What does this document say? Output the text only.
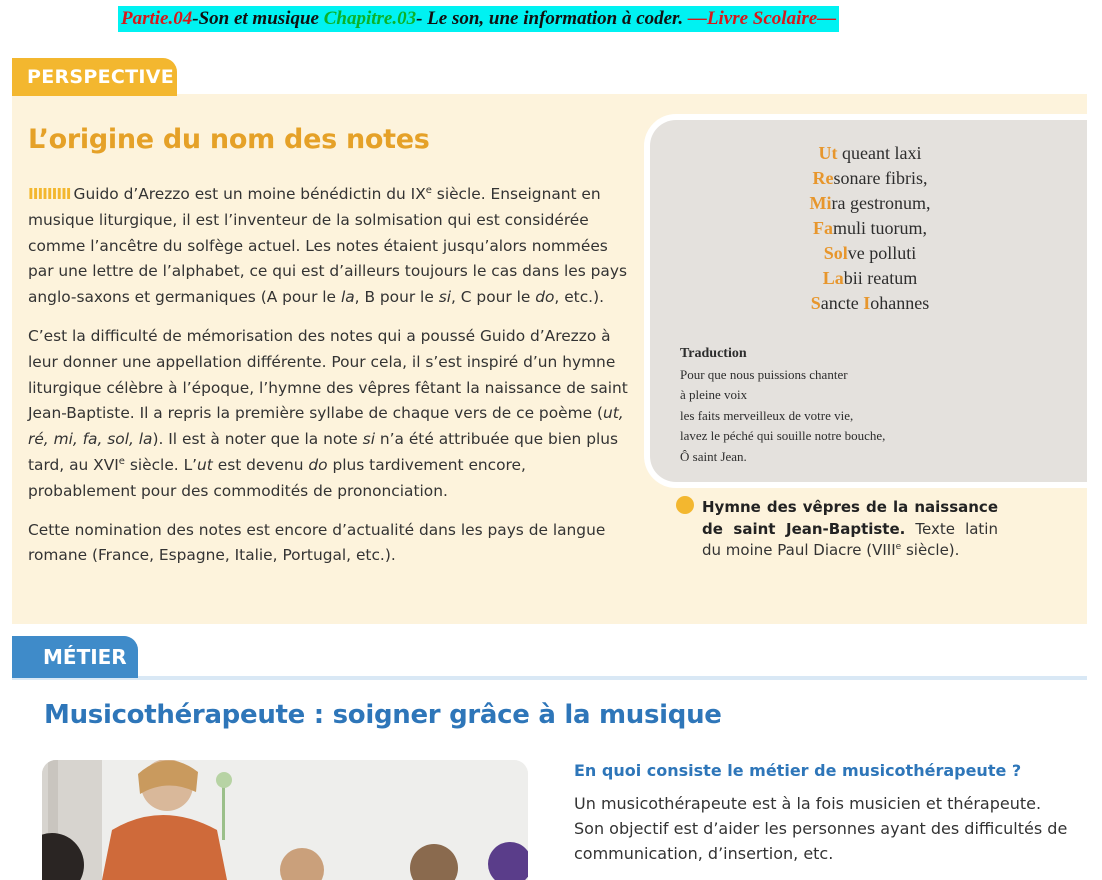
Partie.04-Son et musique Chapitre.03- Le son, une information à coder. —Livre Scolaire—
PERSPECTIVE
L’origine du nom des notes

IIIIIIIII Guido d’Arezzo est un moine bénédictin du IXe siècle. Enseignant en musique liturgique, il est l’inventeur de la solmisation qui est considérée comme l’ancêtre du solfège actuel. Les notes étaient jusqu’alors nommées par une lettre de l’alphabet, ce qui est d’ailleurs toujours le cas dans les pays anglo-saxons et germaniques (A pour le la, B pour le si, C pour le do, etc.).

C’est la difficulté de mémorisation des notes qui a poussé Guido d’Arezzo à leur donner une appellation différente. Pour cela, il s’est inspiré d’un hymne liturgique célèbre à l’époque, l’hymne des vêpres fêtant la naissance de saint Jean-Baptiste. Il a repris la première syllabe de chaque vers de ce poème (ut, ré, mi, fa, sol, la). Il est à noter que la note si n’a été attribuée que bien plus tard, au XVIe siècle. L’ut est devenu do plus tardivement encore, probablement pour des commodités de prononciation.

Cette nomination des notes est encore d’actualité dans les pays de langue romane (France, Espagne, Italie, Portugal, etc.).

Ut queant laxi
Resonare fibris,
Mira gestronum,
Famuli tuorum,
Solve polluti
Labii reatum
Sancte Iohannes
Traduction
Pour que nous puissions chanter
à pleine voix
les faits merveilleux de votre vie,
lavez le péché qui souille notre bouche,
Ô saint Jean.
Hymne des vêpres de la naissance de saint Jean-Baptiste. Texte latin du moine Paul Diacre (VIIIe siècle).
MÉTIER
Musicothérapeute : soigner grâce à la musique
En quoi consiste le métier de musicothérapeute ?
Un musicothérapeute est à la fois musicien et thérapeute. Son objectif est d’aider les personnes ayant des difficultés de communication, d’insertion, etc.
